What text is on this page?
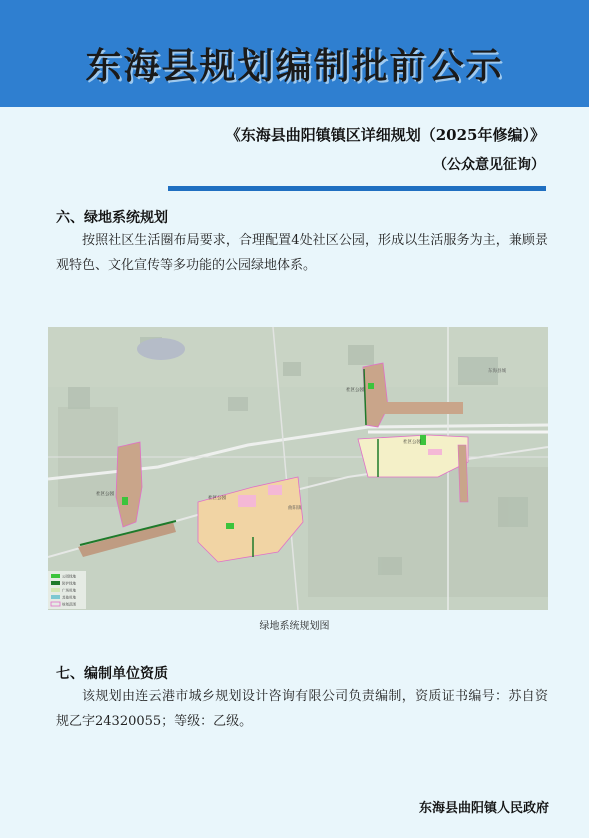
东海县规划编制批前公示
《东海县曲阳镇镇区详细规划（2025年修编）》
（公众意见征询）
六、绿地系统规划
按照社区生活圈布局要求，合理配置4处社区公园，形成以生活服务为主，兼顾景观特色、文化宣传等多功能的公园绿地体系。
社区公园
社区公园
社区公园
社区公园
曲阳镇
东海县城
公园绿地
防护绿地
广场用地
其他用地
规划范围
绿地系统规划图
七、编制单位资质
该规划由连云港市城乡规划设计咨询有限公司负责编制，资质证书编号：苏自资规乙字24320055；等级：乙级。
东海县曲阳镇人民政府
